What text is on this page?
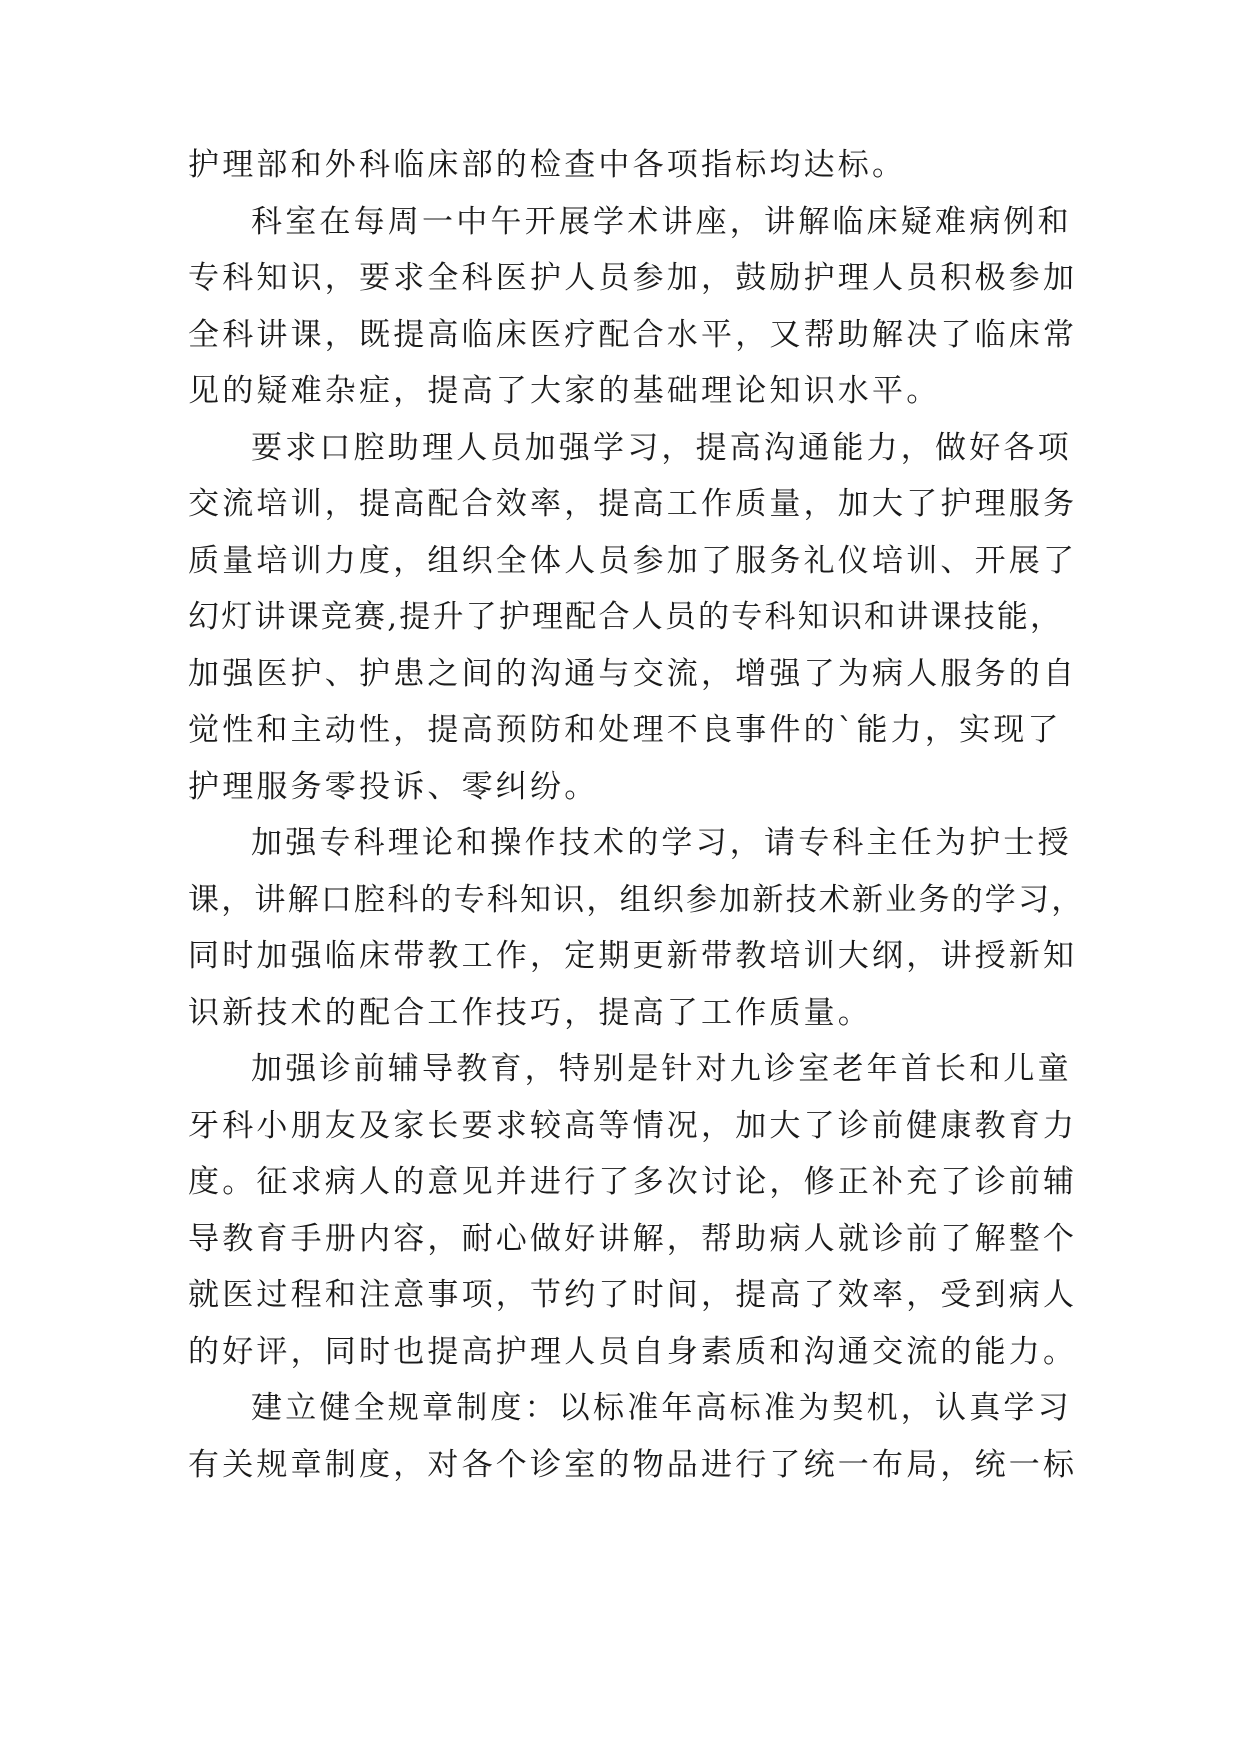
护理部和外科临床部的检查中各项指标均达标。
科室在每周一中午开展学术讲座，讲解临床疑难病例和
专科知识，要求全科医护人员参加，鼓励护理人员积极参加
全科讲课，既提高临床医疗配合水平，又帮助解决了临床常
见的疑难杂症，提高了大家的基础理论知识水平。
要求口腔助理人员加强学习，提高沟通能力，做好各项
交流培训，提高配合效率，提高工作质量，加大了护理服务
质量培训力度，组织全体人员参加了服务礼仪培训、开展了
幻灯讲课竞赛,提升了护理配合人员的专科知识和讲课技能，
加强医护、护患之间的沟通与交流，增强了为病人服务的自
觉性和主动性，提高预防和处理不良事件的`能力，实现了
护理服务零投诉、零纠纷。
加强专科理论和操作技术的学习，请专科主任为护士授
课，讲解口腔科的专科知识，组织参加新技术新业务的学习，
同时加强临床带教工作，定期更新带教培训大纲，讲授新知
识新技术的配合工作技巧，提高了工作质量。
加强诊前辅导教育，特别是针对九诊室老年首长和儿童
牙科小朋友及家长要求较高等情况，加大了诊前健康教育力
度。征求病人的意见并进行了多次讨论，修正补充了诊前辅
导教育手册内容，耐心做好讲解，帮助病人就诊前了解整个
就医过程和注意事项，节约了时间，提高了效率，受到病人
的好评，同时也提高护理人员自身素质和沟通交流的能力。
建立健全规章制度：以标准年高标准为契机，认真学习
有关规章制度，对各个诊室的物品进行了统一布局，统一标
